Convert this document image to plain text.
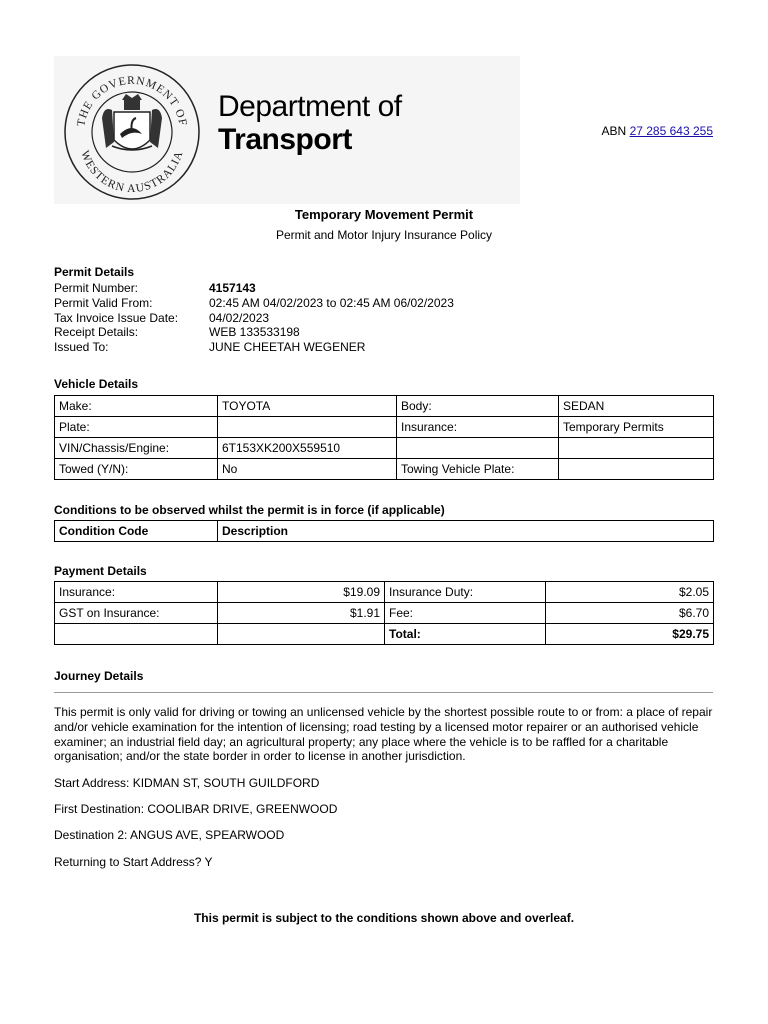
THE GOVERNMENT OF
WESTERN AUSTRALIA
Department of
Transport	ABN 27 285 643 255
Temporary Movement Permit
Permit and Motor Injury Insurance Policy
Permit Details
Permit Number:	4157143
Permit Valid From:	02:45 AM 04/02/2023 to 02:45 AM 06/02/2023
Tax Invoice Issue Date:	04/02/2023
Receipt Details:	WEB 133533198
Issued To:	JUNE CHEETAH WEGENER
Vehicle Details
Make:	TOYOTA	Body:	SEDAN
Plate:		Insurance:	Temporary Permits
VIN/Chassis/Engine:	6T153XK200X559510		
Towed (Y/N):	No	Towing Vehicle Plate:	
Conditions to be observed whilst the permit is in force (if applicable)
Condition Code	Description
Payment Details
Insurance:	$19.09	Insurance Duty:	$2.05
GST on Insurance:	$1.91	Fee:	$6.70
		Total:	$29.75
Journey Details
This permit is only valid for driving or towing an unlicensed vehicle by the shortest possible route to or from: a place of repair and/or vehicle examination for the intention of licensing; road testing by a licensed motor repairer or an authorised vehicle examiner; an industrial field day; an agricultural property; any place where the vehicle is to be raffled for a charitable organisation; and/or the state border in order to license in another jurisdiction.
Start Address: KIDMAN ST, SOUTH GUILDFORD
First Destination: COOLIBAR DRIVE, GREENWOOD
Destination 2: ANGUS AVE, SPEARWOOD
Returning to Start Address? Y
This permit is subject to the conditions shown above and overleaf.
